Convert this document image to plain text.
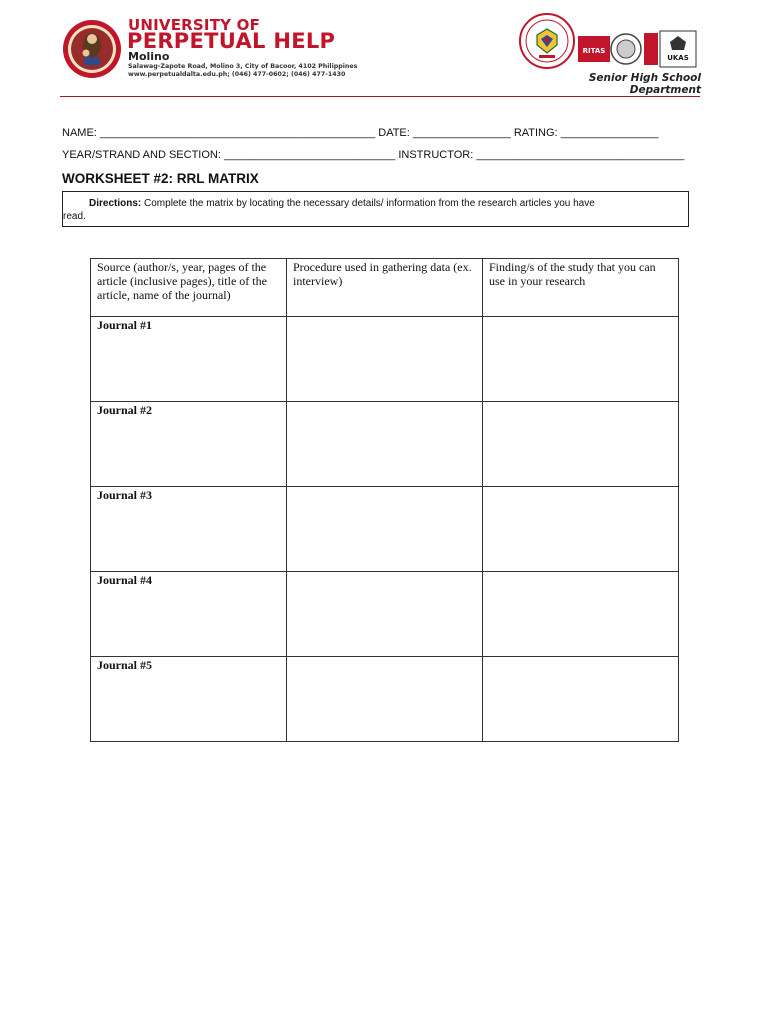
UNIVERSITY OF
PERPETUAL HELP
Molino
Salawag-Zapote Road, Molino 3, City of Bacoor, 4102 Philippines
www.perpetualdalta.edu.ph; (046) 477-0602; (046) 477-1430
RITAS
UKAS
Senior High School Department
NAME: _____________________________________________ DATE: ________________ RATING: ________________
YEAR/STRAND AND SECTION: ____________________________ INSTRUCTOR: __________________________________
WORKSHEET #2: RRL MATRIX
Directions: Complete the matrix by locating the necessary details/ information from the research articles you have
read.
Source (author/s, year, pages of the article (inclusive pages), title of the article, name of the journal)	Procedure used in gathering data (ex. interview)	Finding/s of the study that you can use in your research
Journal #1		
Journal #2		
Journal #3		
Journal #4		
Journal #5		
